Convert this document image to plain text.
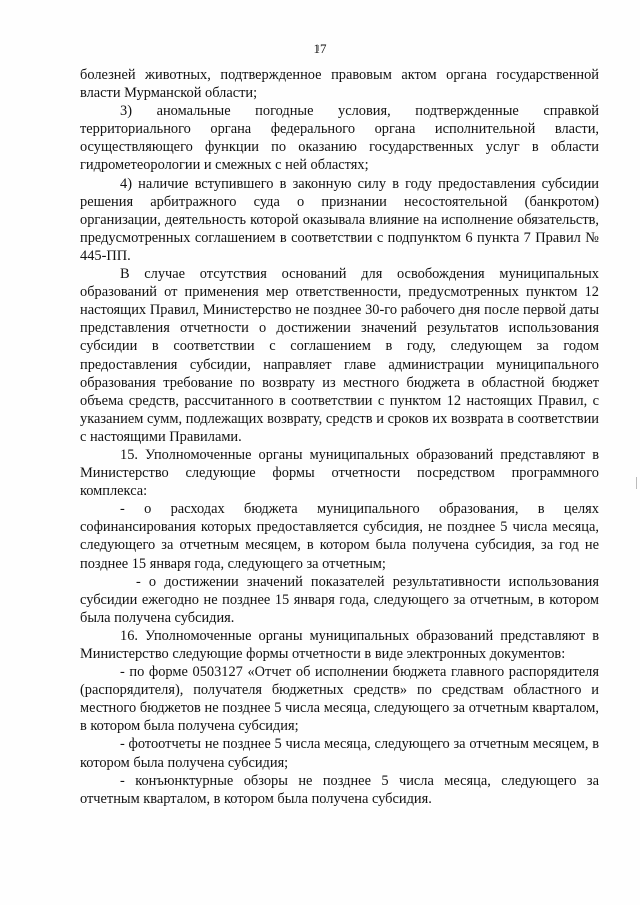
17

болезней животных, подтвержденное правовым актом органа государственной власти Мурманской области;

3) аномальные погодные условия, подтвержденные справкой территориального органа федерального органа исполнительной власти, осуществляющего функции по оказанию государственных услуг в области гидрометеорологии и смежных с ней областях;

4) наличие вступившего в законную силу в году предоставления субсидии решения арбитражного суда о признании несостоятельной (банкротом) организации, деятельность которой оказывала влияние на исполнение обязательств, предусмотренных соглашением в соответствии с подпунктом 6 пункта 7 Правил № 445-ПП.

В случае отсутствия оснований для освобождения муниципальных образований от применения мер ответственности, предусмотренных пунктом 12 настоящих Правил, Министерство не позднее 30-го рабочего дня после первой даты представления отчетности о достижении значений результатов использования субсидии в соответствии с соглашением в году, следующем за годом предоставления субсидии, направляет главе администрации муниципального образования требование по возврату из местного бюджета в областной бюджет объема средств, рассчитанного в соответствии с пунктом 12 настоящих Правил, с указанием сумм, подлежащих возврату, средств и сроков их возврата в соответствии с настоящими Правилами.

15. Уполномоченные органы муниципальных образований представляют в Министерство следующие формы отчетности посредством программного комплекса:

- о расходах бюджета муниципального образования, в целях софинансирования которых предоставляется субсидия, не позднее 5 числа месяца, следующего за отчетным месяцем, в котором была получена субсидия, за год не позднее 15 января года, следующего за отчетным;

- о достижении значений показателей результативности использования субсидии ежегодно не позднее 15 января года, следующего за отчетным, в котором была получена субсидия.

16. Уполномоченные органы муниципальных образований представляют в Министерство следующие формы отчетности в виде электронных документов:

- по форме 0503127 «Отчет об исполнении бюджета главного распорядителя (распорядителя), получателя бюджетных средств» по средствам областного и местного бюджетов не позднее 5 числа месяца, следующего за отчетным кварталом, в котором была получена субсидия;

- фотоотчеты не позднее 5 числа месяца, следующего за отчетным месяцем, в котором была получена субсидия;

- конъюнктурные обзоры не позднее 5 числа месяца, следующего за отчетным кварталом, в котором была получена субсидия.
